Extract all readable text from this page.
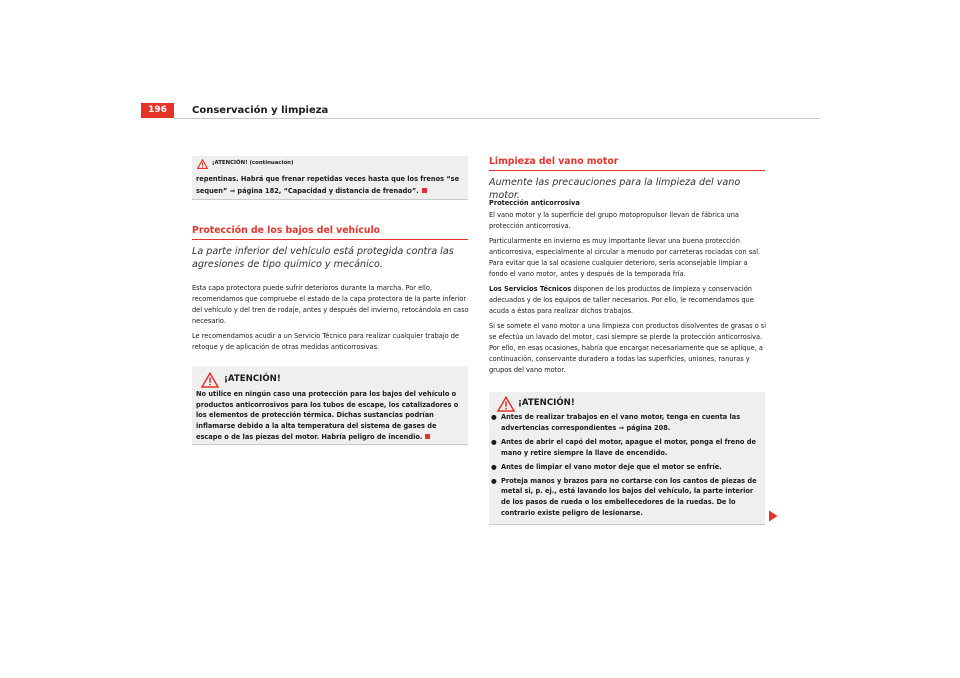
196	Conservación y limpieza
¡ATENCIÓN! (continuación)
repentinas. Habrá que frenar repetidas veces hasta que los frenos “se sequen” ⇒ página 182, “Capacidad y distancia de frenado”.
Protección de los bajos del vehículo
La parte inferior del vehículo está protegida contra las agresiones de tipo químico y mecánico.

Esta capa protectora puede sufrir deterioros durante la marcha. Por ello, recomendamos que compruebe el estado de la capa protectora de la parte inferior del vehículo y del tren de rodaje, antes y después del invierno, retocándola en caso necesario.

Le recomendamos acudir a un Servicio Técnico para realizar cualquier trabajo de retoque y de aplicación de otras medidas anticorrosivas.

¡ATENCIÓN!
No utilice en ningún caso una protección para los bajos del vehículo o productos anticorrosivos para los tubos de escape, los catalizadores o los elementos de protección térmica. Dichas sustancias podrían inflamarse debido a la alta temperatura del sistema de gases de escape o de las piezas del motor. Habría peligro de incendio.
Limpieza del vano motor
Aumente las precauciones para la limpieza del vano motor.

Protección anticorrosiva

El vano motor y la superficie del grupo motopropulsor llevan de fábrica una protección anticorrosiva.

Particularmente en invierno es muy importante llevar una buena protección anticorrosiva, especialmente al circular a menudo por carreteras rociadas con sal. Para evitar que la sal ocasione cualquier deterioro, sería aconsejable limpiar a fondo el vano motor, antes y después de la temporada fría.

Los Servicios Técnicos disponen de los productos de limpieza y conservación adecuados y de los equipos de taller necesarios. Por ello, le recomendamos que acuda a éstos para realizar dichos trabajos.

Si se somete el vano motor a una limpieza con productos disolventes de grasas o si se efectúa un lavado del motor, casi siempre se pierde la protección anticorrosiva. Por ello, en esas ocasiones, habría que encargar necesariamente que se aplique, a continuación, conservante duradero a todas las superficies, uniones, ranuras y grupos del vano motor.

¡ATENCIÓN!
● Antes de realizar trabajos en el vano motor, tenga en cuenta las advertencias correspondientes ⇒ página 208.
● Antes de abrir el capó del motor, apague el motor, ponga el freno de mano y retire siempre la llave de encendido.
● Antes de limpiar el vano motor deje que el motor se enfríe.
● Proteja manos y brazos para no cortarse con los cantos de piezas de metal si, p. ej., está lavando los bajos del vehículo, la parte interior de los pasos de rueda o los embellecedores de la ruedas. De lo contrario existe peligro de lesionarse.
